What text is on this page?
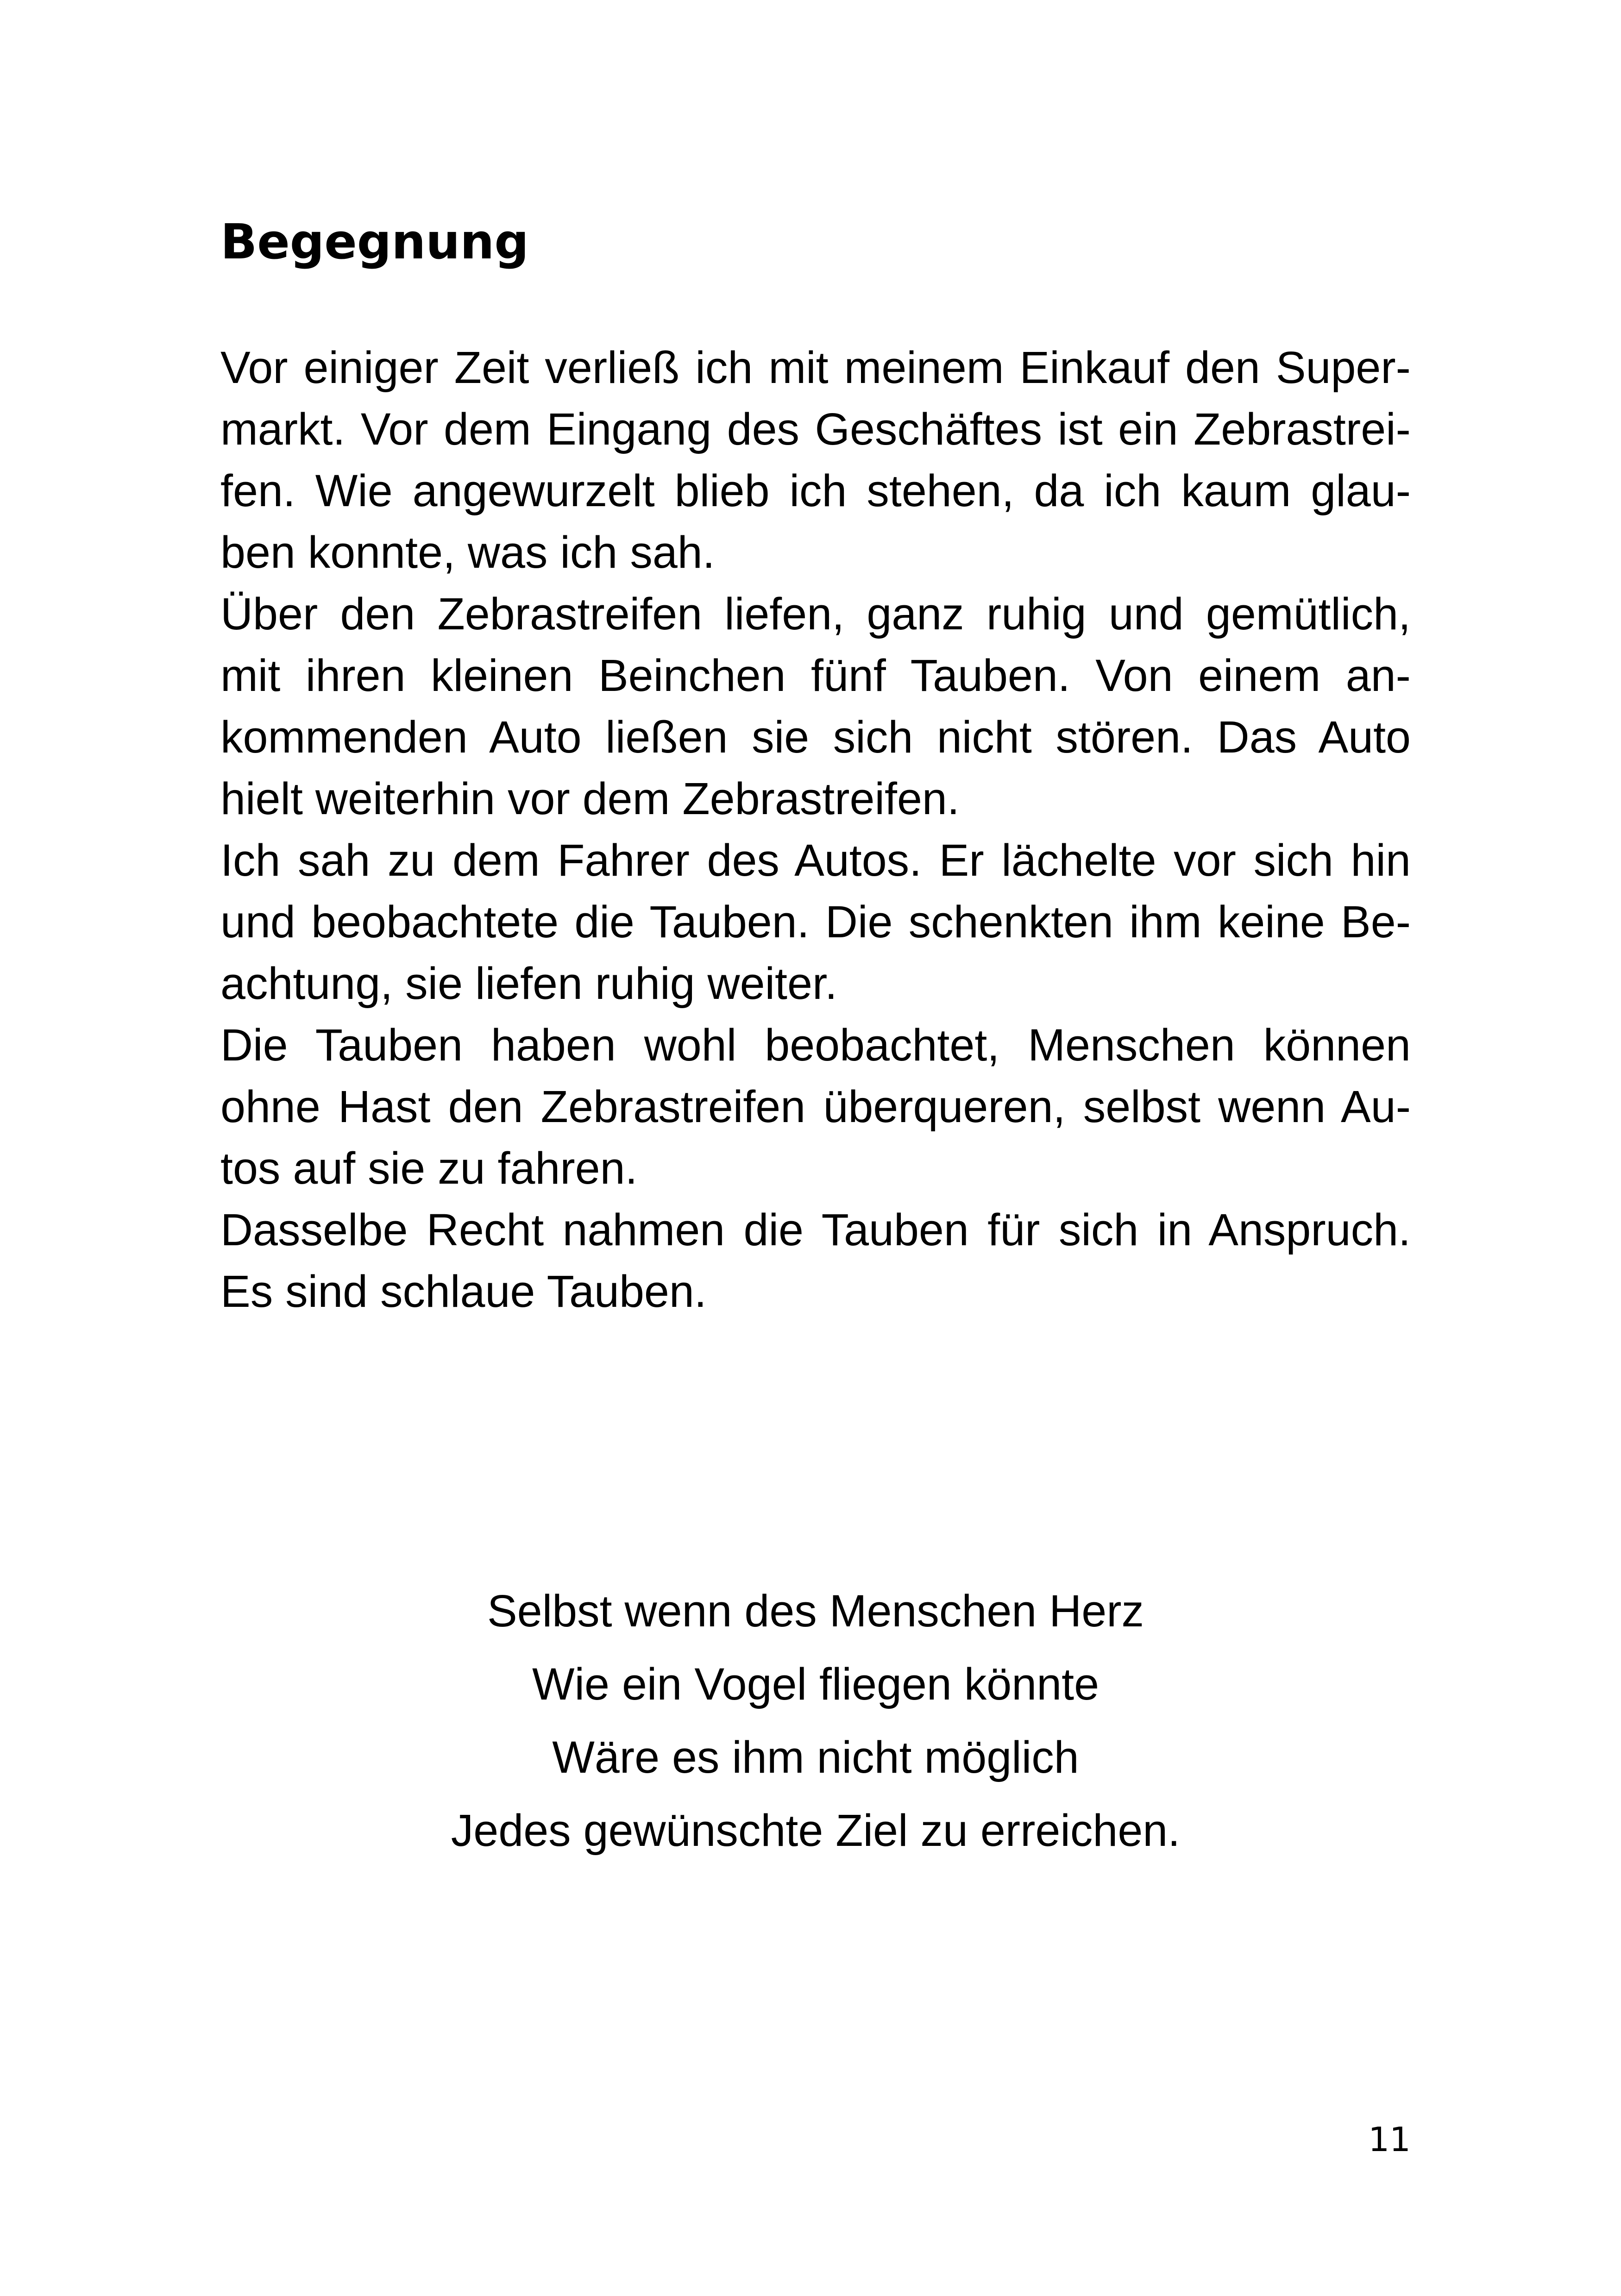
Begegnung
Vor einiger Zeit verließ ich mit meinem Einkauf den Super-
markt. Vor dem Eingang des Geschäftes ist ein Zebrastrei-
fen. Wie angewurzelt blieb ich stehen, da ich kaum glau-
ben konnte, was ich sah.
Über den Zebrastreifen liefen, ganz ruhig und gemütlich,
mit ihren kleinen Beinchen fünf Tauben. Von einem an-
kommenden Auto ließen sie sich nicht stören. Das Auto
hielt weiterhin vor dem Zebrastreifen.
Ich sah zu dem Fahrer des Autos. Er lächelte vor sich hin
und beobachtete die Tauben. Die schenkten ihm keine Be-
achtung, sie liefen ruhig weiter.
Die Tauben haben wohl beobachtet, Menschen können
ohne Hast den Zebrastreifen überqueren, selbst wenn Au-
tos auf sie zu fahren.
Dasselbe Recht nahmen die Tauben für sich in Anspruch.
Es sind schlaue Tauben.
Selbst wenn des Menschen Herz
Wie ein Vogel fliegen könnte
Wäre es ihm nicht möglich
Jedes gewünschte Ziel zu erreichen.
11
